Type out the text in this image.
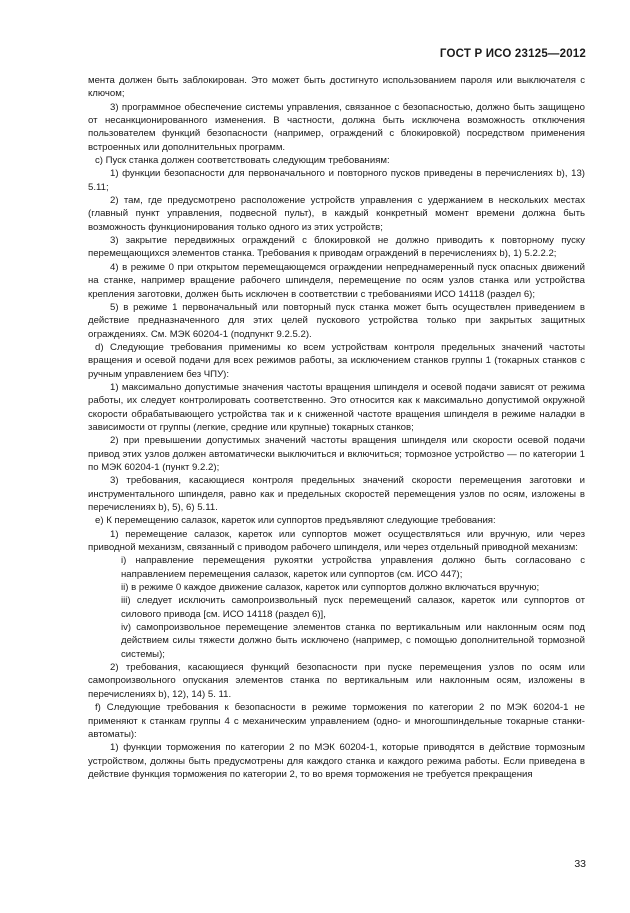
ГОСТ Р ИСО 23125—2012

мента должен быть заблокирован. Это может быть достигнуто использованием пароля или выключателя с ключом;

3) программное обеспечение системы управления, связанное с безопасностью, должно быть защищено от несанкционированного изменения. В частности, должна быть исключена возможность отключения пользователем функций безопасности (например, ограждений с блокировкой) посредством применения встроенных или дополнительных программ.

c) Пуск станка должен соответствовать следующим требованиям:

1) функции безопасности для первоначального и повторного пусков приведены в перечислениях b), 13) 5.11;

2) там, где предусмотрено расположение устройств управления с удержанием в нескольких местах (главный пункт управления, подвесной пульт), в каждый конкретный момент времени должна быть возможность функционирования только одного из этих устройств;

3) закрытие передвижных ограждений с блокировкой не должно приводить к повторному пуску перемещающихся элементов станка. Требования к приводам ограждений в перечислениях b), 1) 5.2.2.2;

4) в режиме 0 при открытом перемещающемся ограждении непреднамеренный пуск опасных движений на станке, например вращение рабочего шпинделя, перемещение по осям узлов станка или устройства крепления заготовки, должен быть исключен в соответствии с требованиями ИСО 14118 (раздел 6);

5) в режиме 1 первоначальный или повторный пуск станка может быть осуществлен приведением в действие предназначенного для этих целей пускового устройства только при закрытых защитных ограждениях. См. МЭК 60204-1 (подпункт 9.2.5.2).

d) Следующие требования применимы ко всем устройствам контроля предельных значений частоты вращения и осевой подачи для всех режимов работы, за исключением станков группы 1 (токарных станков с ручным управлением без ЧПУ):

1) максимально допустимые значения частоты вращения шпинделя и осевой подачи зависят от режима работы, их следует контролировать соответственно. Это относится как к максимально допустимой окружной скорости обрабатывающего устройства так и к сниженной частоте вращения шпинделя в режиме наладки в зависимости от группы (легкие, средние или крупные) токарных станков;

2) при превышении допустимых значений частоты вращения шпинделя или скорости осевой подачи привод этих узлов должен автоматически выключиться и включиться; тормозное устройство — по категории 1 по МЭК 60204-1 (пункт 9.2.2);

3) требования, касающиеся контроля предельных значений скорости перемещения заготовки и инструментального шпинделя, равно как и предельных скоростей перемещения узлов по осям, изложены в перечислениях b), 5), 6) 5.11.

e) К перемещению салазок, кареток или суппортов предъявляют следующие требования:

1) перемещение салазок, кареток или суппортов может осуществляться или вручную, или через приводной механизм, связанный с приводом рабочего шпинделя, или через отдельный приводной механизм:

i) направление перемещения рукоятки устройства управления должно быть согласовано с направлением перемещения салазок, кареток или суппортов (см. ИСО 447);

ii) в режиме 0 каждое движение салазок, кареток или суппортов должно включаться вручную;

iii) следует исключить самопроизвольный пуск перемещений салазок, кареток или суппортов от силового привода [см. ИСО 14118 (раздел 6)],

iv) самопроизвольное перемещение элементов станка по вертикальным или наклонным осям под действием силы тяжести должно быть исключено (например, с помощью дополнительной тормозной системы);

2) требования, касающиеся функций безопасности при пуске перемещения узлов по осям или самопроизвольного опускания элементов станка по вертикальным или наклонным осям, изложены в перечислениях b), 12), 14) 5. 11.

f) Следующие требования к безопасности в режиме торможения по категории 2 по МЭК 60204-1 не применяют к станкам группы 4 с механическим управлением (одно- и многошпиндельные токарные станки-автоматы):

1) функции торможения по категории 2 по МЭК 60204-1, которые приводятся в действие тормозным устройством, должны быть предусмотрены для каждого станка и каждого режима работы. Если приведена в действие функция торможения по категории 2, то во время торможения не требуется прекращения

33
